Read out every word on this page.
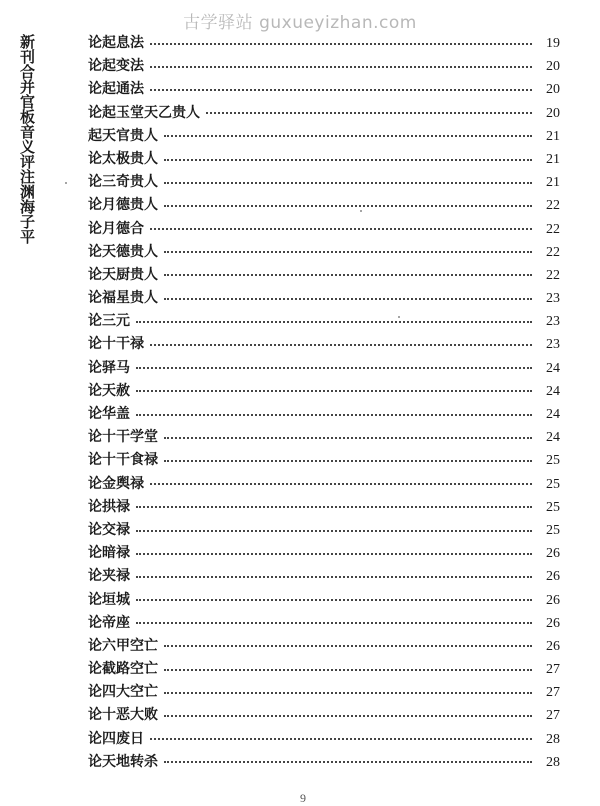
古学驿站 guxueyizhan.com
新刊合并官板音义评注渊海子平	论起息法	19
论起变法	20
论起通法	20
论起玉堂天乙贵人	20
起天官贵人	21
论太极贵人	21
论三奇贵人	21
论月德贵人	22
论月德合	22
论天德贵人	22
论天厨贵人	22
论福星贵人	23
论三元	23
论十干禄	23
论驿马	24
论天赦	24
论华盖	24
论十干学堂	24
论十干食禄	25
论金舆禄	25
论拱禄	25
论交禄	25
论暗禄	26
论夹禄	26
论垣城	26
论帝座	26
论六甲空亡	26
论截路空亡	27
论四大空亡	27
论十恶大败	27
论四废日	28
论天地转杀	28
9
